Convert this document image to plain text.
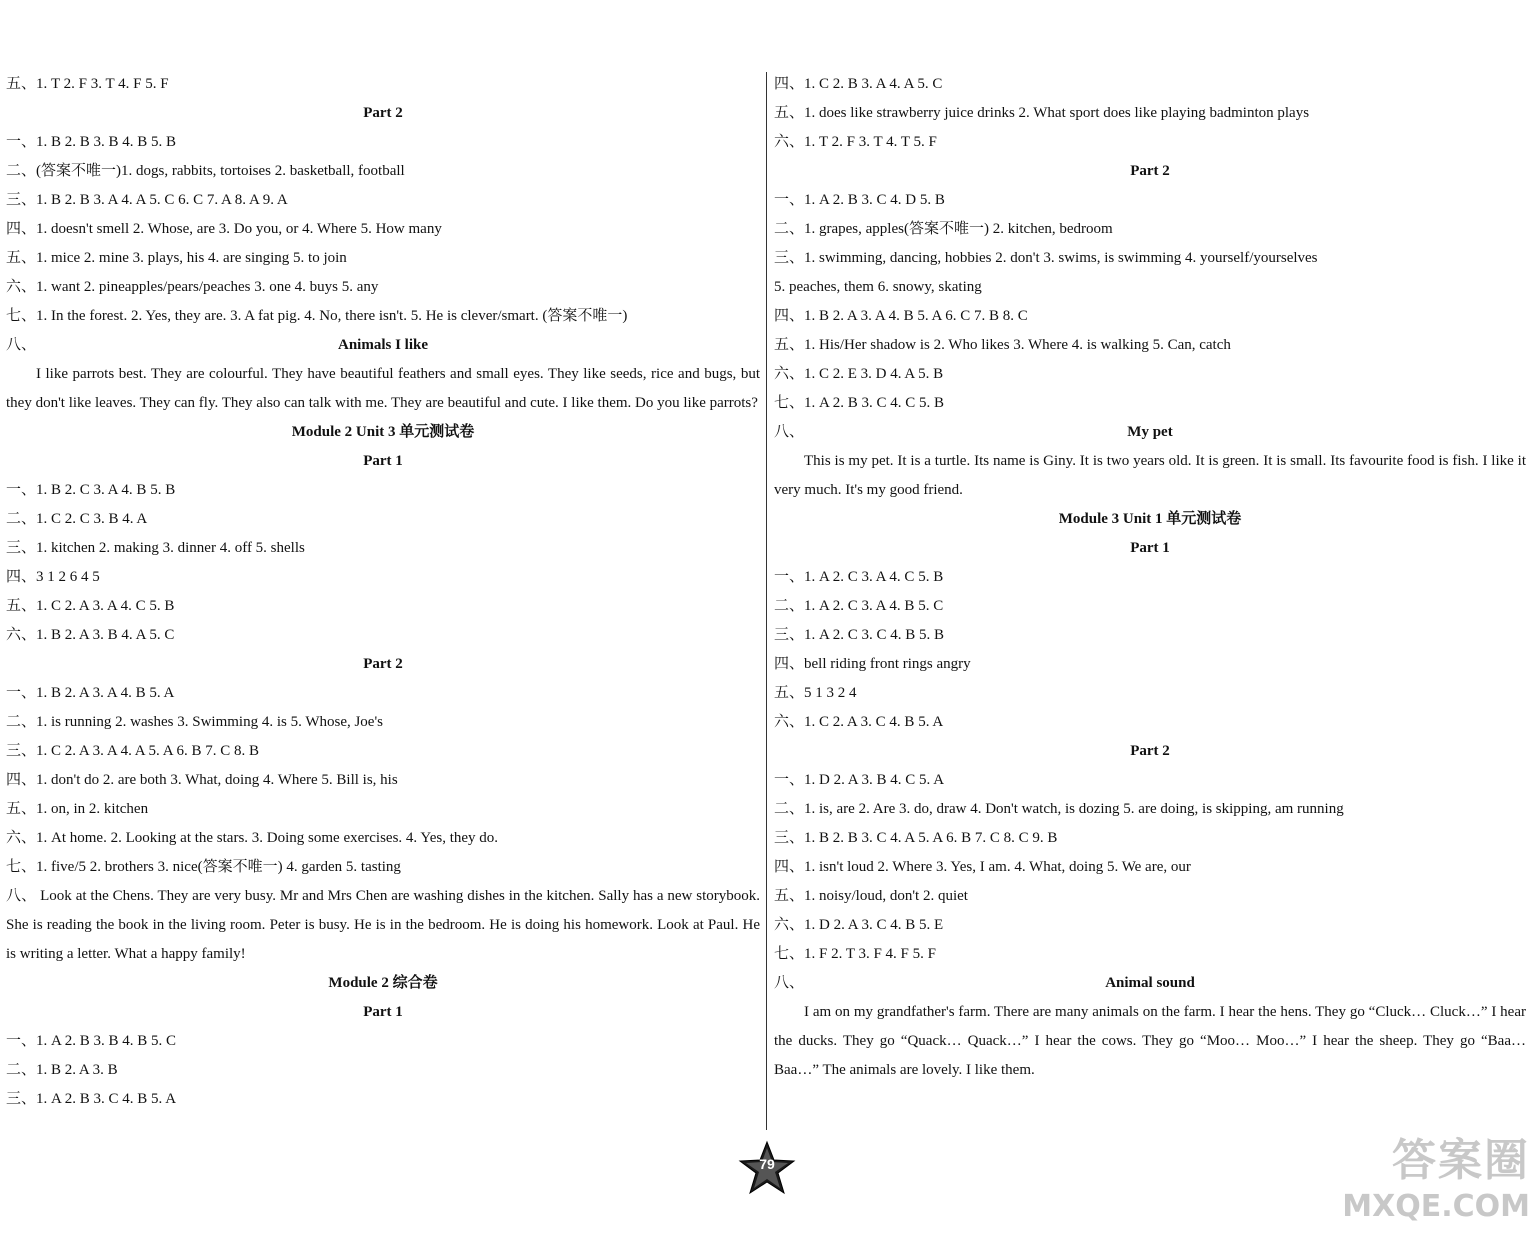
五、1. T 2. F 3. T 4. F 5. F
Part 2
一、1. B 2. B 3. B 4. B 5. B
二、(答案不唯一)1. dogs, rabbits, tortoises 2. basketball, football
三、1. B 2. B 3. A 4. A 5. C 6. C 7. A 8. A 9. A
四、1. doesn't smell 2. Whose, are 3. Do you, or 4. Where 5. How many
五、1. mice 2. mine 3. plays, his 4. are singing 5. to join
六、1. want 2. pineapples/pears/peaches 3. one 4. buys 5. any
七、1. In the forest. 2. Yes, they are. 3. A fat pig. 4. No, there isn't. 5. He is clever/smart. (答案不唯一)
八、	Animals I like

I like parrots best. They are colourful. They have beautiful feathers and small eyes. They like seeds, rice and bugs, but they don't like leaves. They can fly. They also can talk with me. They are beautiful and cute. I like them. Do you like parrots?

Module 2 Unit 3 单元测试卷
Part 1
一、1. B 2. C 3. A 4. B 5. B
二、1. C 2. C 3. B 4. A
三、1. kitchen 2. making 3. dinner 4. off 5. shells
四、3 1 2 6 4 5
五、1. C 2. A 3. A 4. C 5. B
六、1. B 2. A 3. B 4. A 5. C
Part 2
一、1. B 2. A 3. A 4. B 5. A
二、1. is running 2. washes 3. Swimming 4. is 5. Whose, Joe's
三、1. C 2. A 3. A 4. A 5. A 6. B 7. C 8. B
四、1. don't do 2. are both 3. What, doing 4. Where 5. Bill is, his
五、1. on, in 2. kitchen
六、1. At home. 2. Looking at the stars. 3. Doing some exercises. 4. Yes, they do.
七、1. five/5 2. brothers 3. nice(答案不唯一) 4. garden 5. tasting

八、 Look at the Chens. They are very busy. Mr and Mrs Chen are washing dishes in the kitchen. Sally has a new storybook. She is reading the book in the living room. Peter is busy. He is in the bedroom. He is doing his homework. Look at Paul. He is writing a letter. What a happy family!

Module 2 综合卷
Part 1
一、1. A 2. B 3. B 4. B 5. C
二、1. B 2. A 3. B
三、1. A 2. B 3. C 4. B 5. A
四、1. C 2. B 3. A 4. A 5. C
五、1. does like strawberry juice drinks 2. What sport does like playing badminton plays
六、1. T 2. F 3. T 4. T 5. F
Part 2
一、1. A 2. B 3. C 4. D 5. B
二、1. grapes, apples(答案不唯一) 2. kitchen, bedroom
三、1. swimming, dancing, hobbies 2. don't 3. swims, is swimming 4. yourself/yourselves
5. peaches, them 6. snowy, skating
四、1. B 2. A 3. A 4. B 5. A 6. C 7. B 8. C
五、1. His/Her shadow is 2. Who likes 3. Where 4. is walking 5. Can, catch
六、1. C 2. E 3. D 4. A 5. B
七、1. A 2. B 3. C 4. C 5. B
八、	My pet

This is my pet. It is a turtle. Its name is Giny. It is two years old. It is green. It is small. Its favourite food is fish. I like it very much. It's my good friend.

Module 3 Unit 1 单元测试卷
Part 1
一、1. A 2. C 3. A 4. C 5. B
二、1. A 2. C 3. A 4. B 5. C
三、1. A 2. C 3. C 4. B 5. B
四、bell riding front rings angry
五、5 1 3 2 4
六、1. C 2. A 3. C 4. B 5. A
Part 2
一、1. D 2. A 3. B 4. C 5. A
二、1. is, are 2. Are 3. do, draw 4. Don't watch, is dozing 5. are doing, is skipping, am running
三、1. B 2. B 3. C 4. A 5. A 6. B 7. C 8. C 9. B
四、1. isn't loud 2. Where 3. Yes, I am. 4. What, doing 5. We are, our
五、1. noisy/loud, don't 2. quiet
六、1. D 2. A 3. C 4. B 5. E
七、1. F 2. T 3. F 4. F 5. F
八、	Animal sound

I am on my grandfather's farm. There are many animals on the farm. I hear the hens. They go “Cluck… Cluck…” I hear the ducks. They go “Quack… Quack…” I hear the cows. They go “Moo… Moo…” I hear the sheep. They go “Baa… Baa…” The animals are lovely. I like them.

79	答案圈
MXQE.COM
